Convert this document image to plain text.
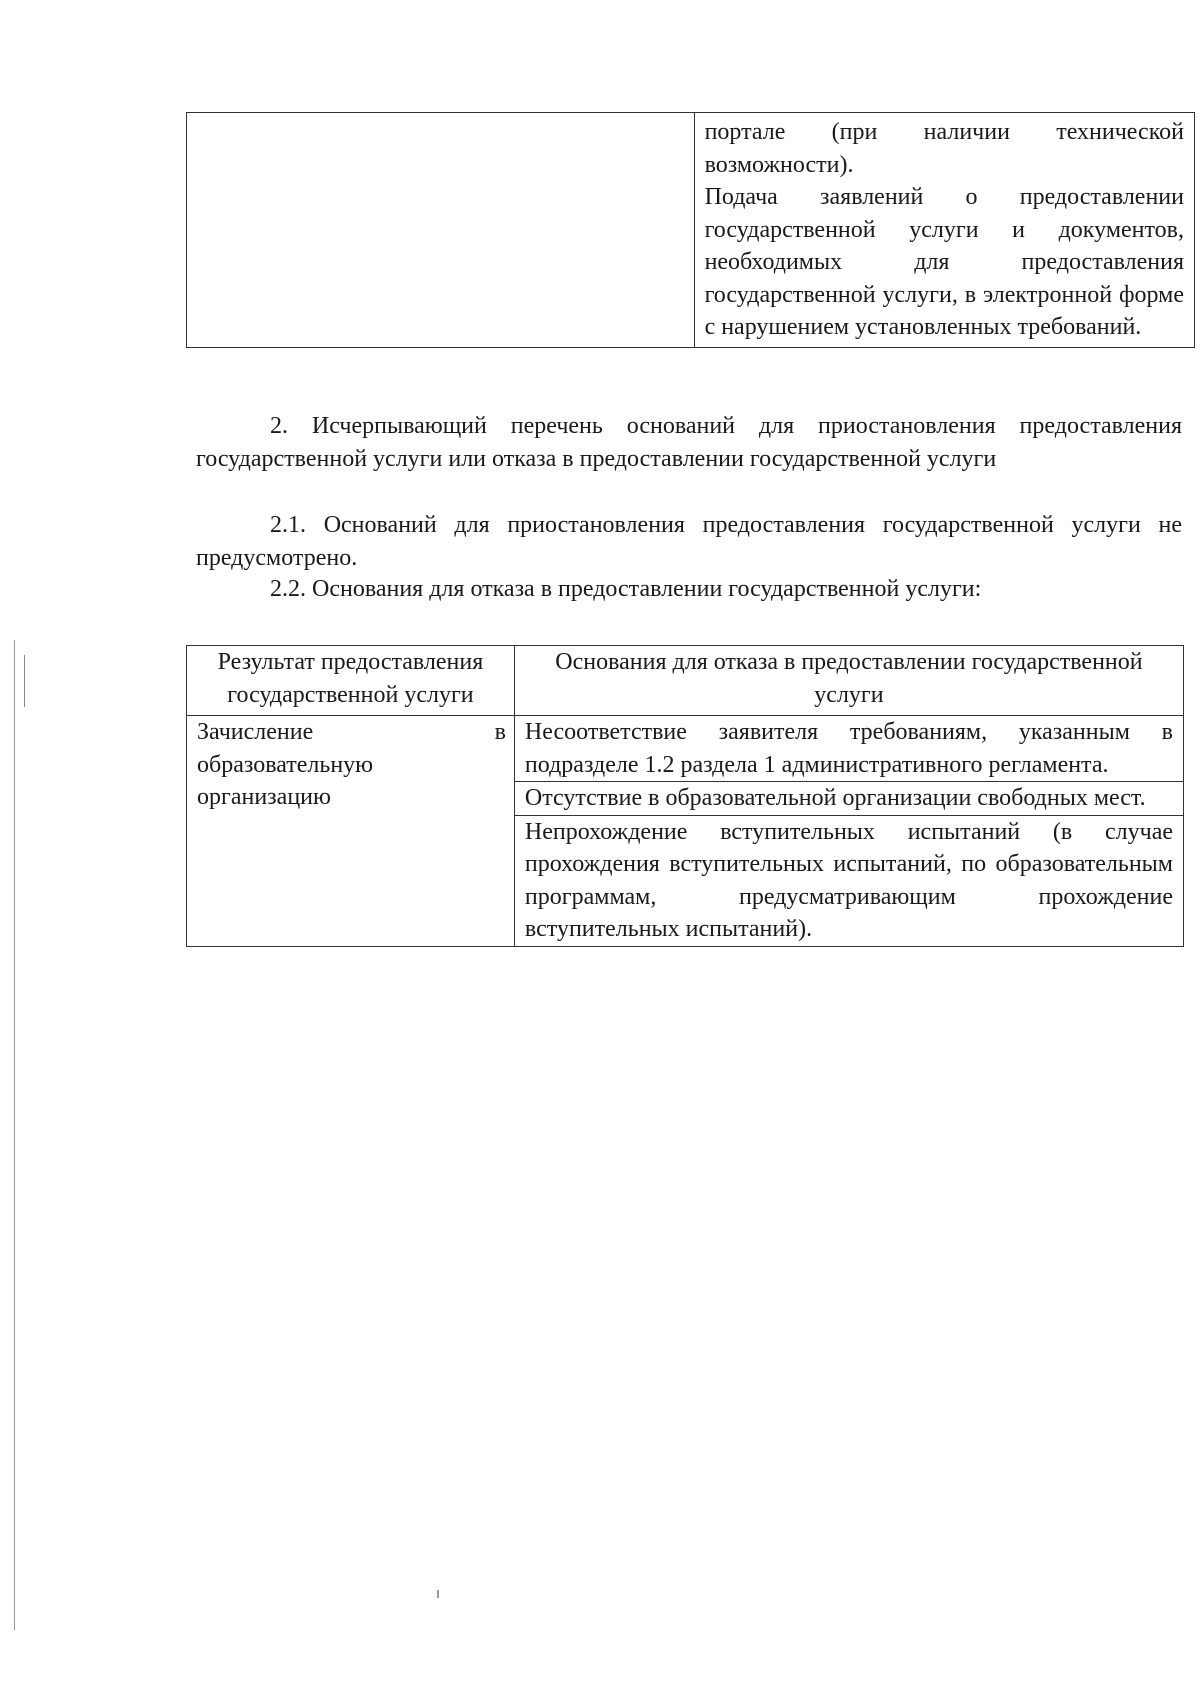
портале (при наличии технической возможности).

Подача заявлений о предоставлении государственной услуги и документов, необходимых для предоставления государственной услуги, в электронной форме с нарушением установленных требований.

2. Исчерпывающий перечень оснований для приостановления предоставления государственной услуги или отказа в предоставлении государственной услуги

2.1. Оснований для приостановления предоставления государственной услуги не предусмотрено.

2.2. Основания для отказа в предоставлении государственной услуги:

Результат предоставления государственной услуги	Основания для отказа в предоставлении государственной услуги
Зачисление в образовательную организацию	Несоответствие заявителя требованиям, указанным в подразделе 1.2 раздела 1 административного регламента.
	Отсутствие в образовательной организации свободных мест.
	Непрохождение вступительных испытаний (в случае прохождения вступительных испытаний, по образовательным программам, предусматривающим прохождение вступительных испытаний).
